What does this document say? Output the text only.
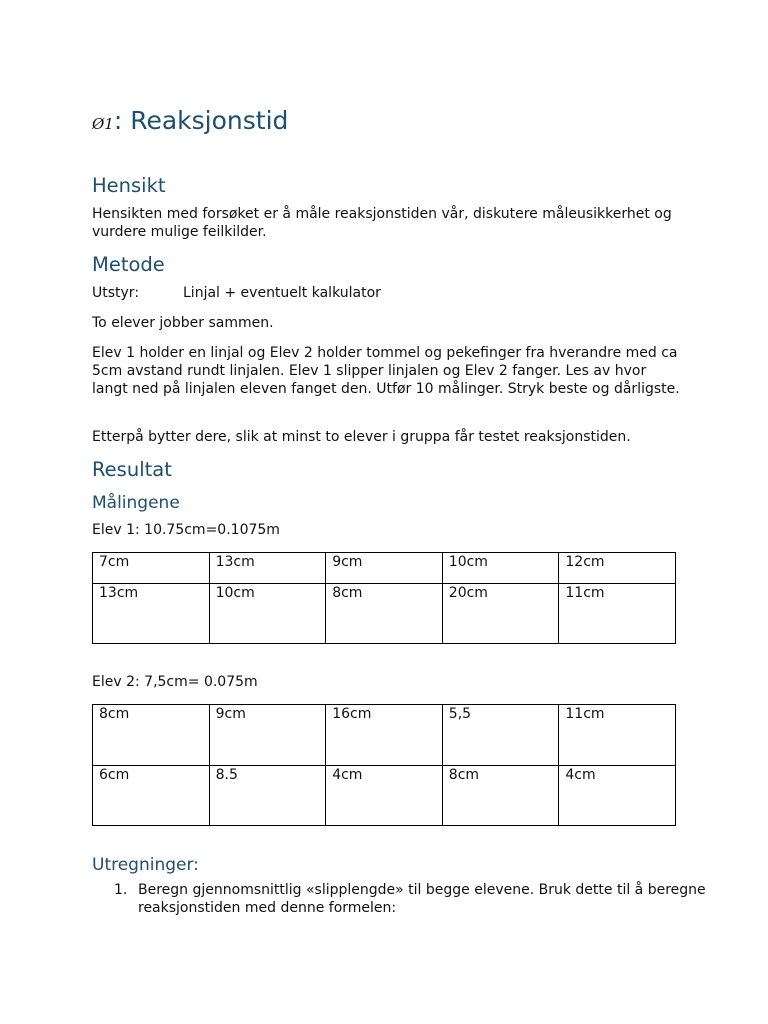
Ø1: Reaksjonstid
Hensikt

Hensikten med forsøket er å måle reaksjonstiden vår, diskutere måleusikkerhet og vurdere mulige feilkilder.

Metode
Utstyr:	Linjal + eventuelt kalkulator

To elever jobber sammen.

Elev 1 holder en linjal og Elev 2 holder tommel og pekefinger fra hverandre med ca 5cm avstand rundt linjalen. Elev 1 slipper linjalen og Elev 2 fanger. Les av hvor langt ned på linjalen eleven fanget den. Utfør 10 målinger. Stryk beste og dårligste.

Etterpå bytter dere, slik at minst to elever i gruppa får testet reaksjonstiden.

Resultat
Målingene
Elev 1: 10.75cm=0.1075m
7cm	13cm	9cm	10cm	12cm
13cm	10cm	8cm	20cm	11cm
Elev 2: 7,5cm= 0.075m
8cm	9cm	16cm	5,5	11cm
6cm	8.5	4cm	8cm	4cm
Utregninger:
1. Beregn gjennomsnittlig «slipplengde» til begge elevene. Bruk dette til å beregne reaksjonstiden med denne formelen:
